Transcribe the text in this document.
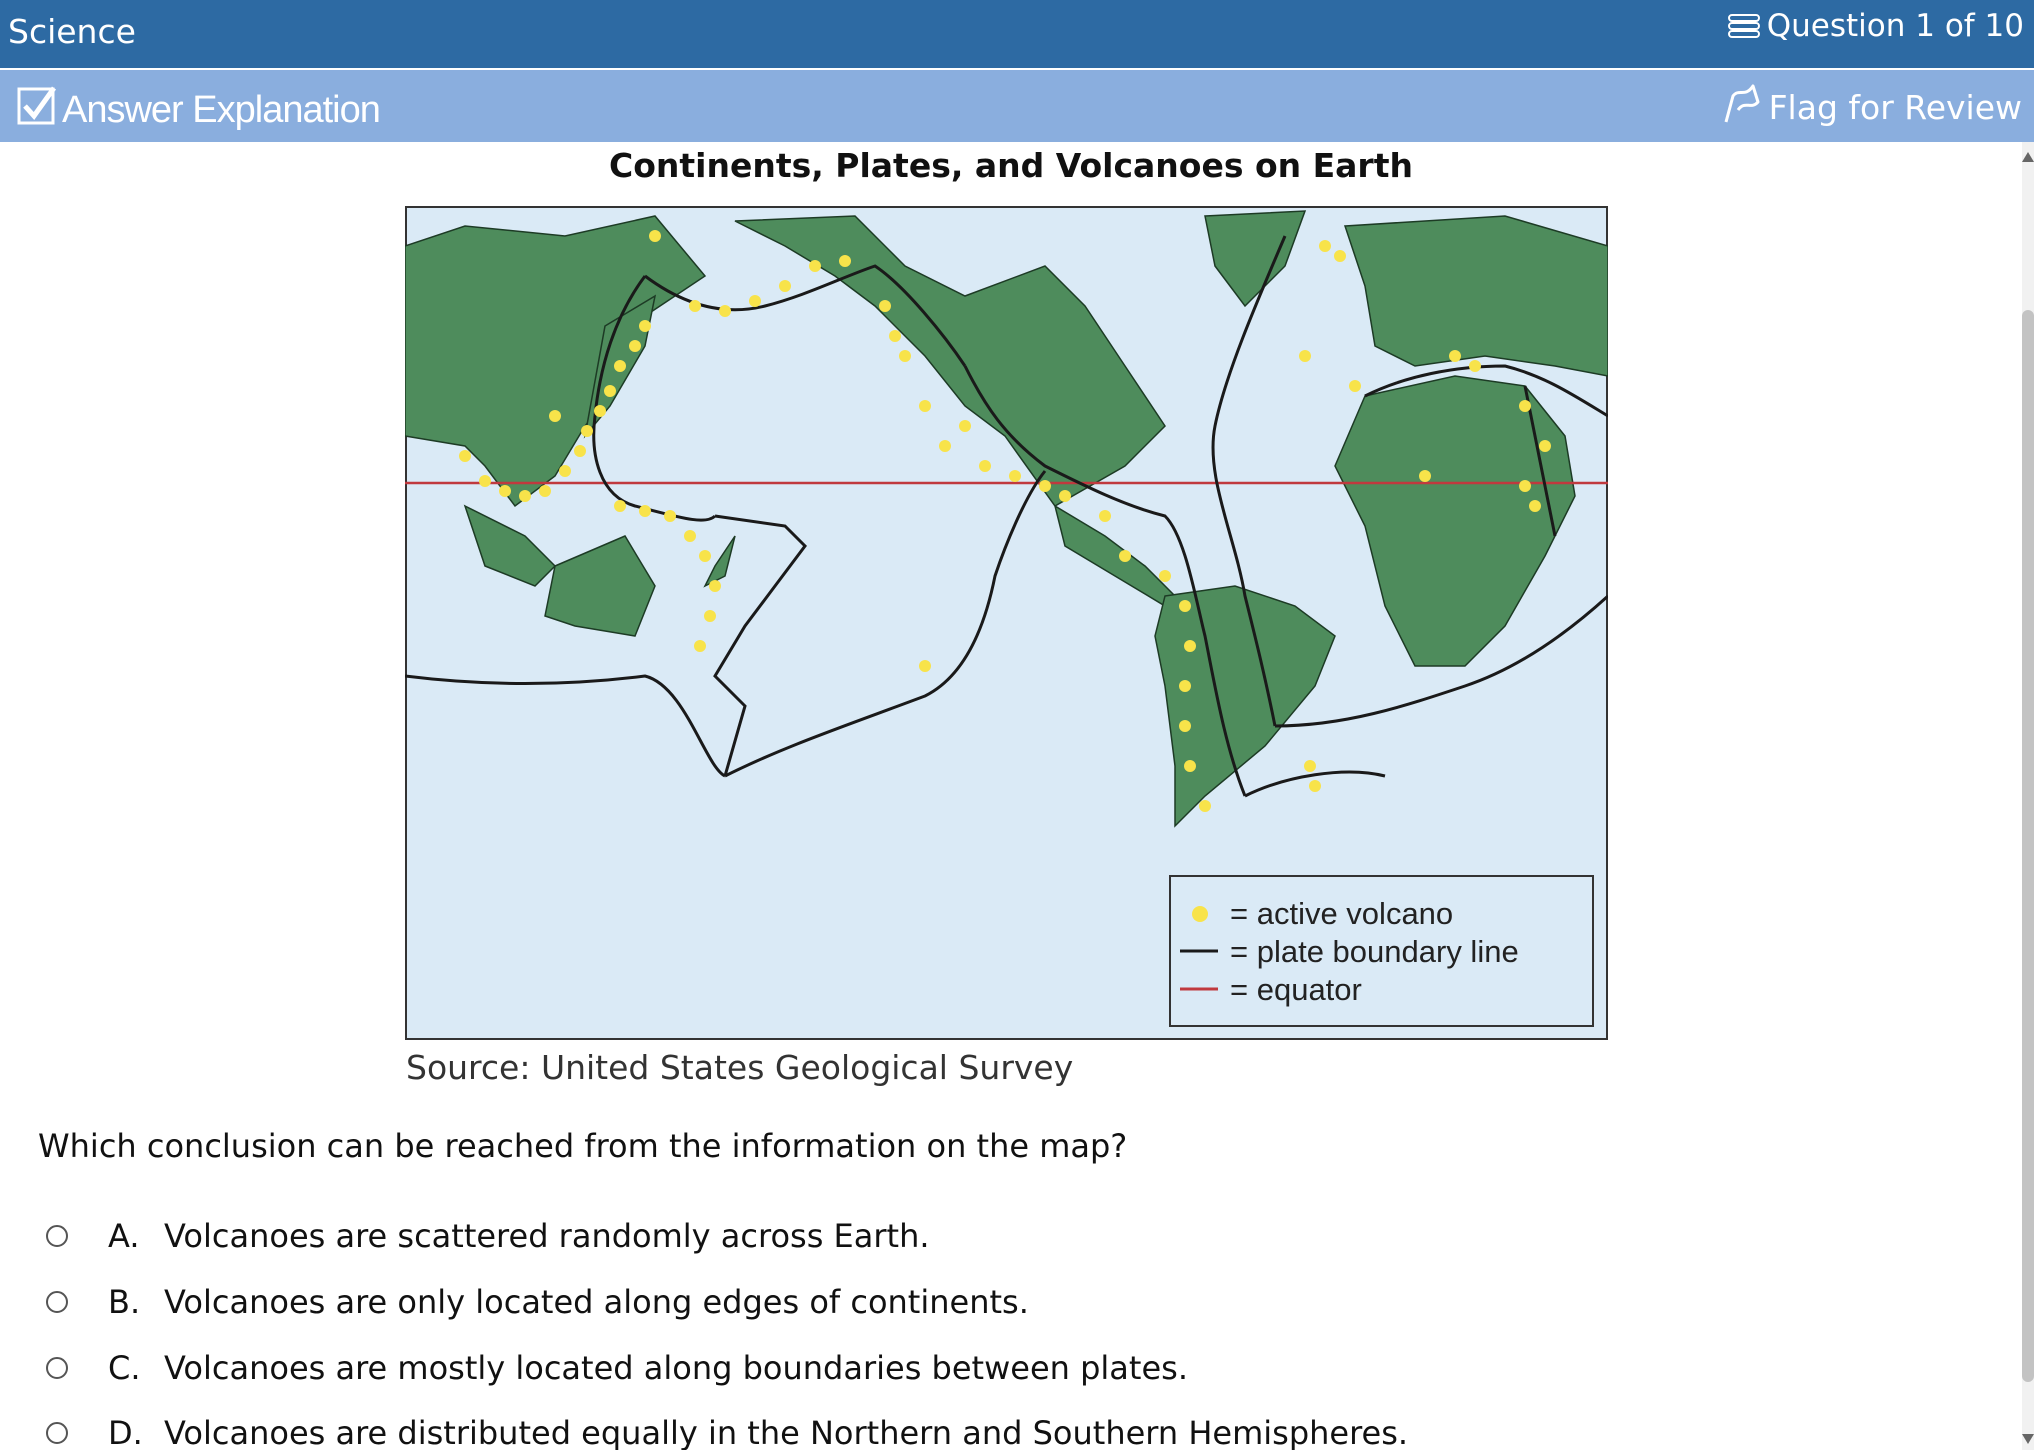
Science	Question 1 of 10
Answer Explanation	Flag for Review
Continents, Plates, and Volcanoes on Earth
= active volcano
= plate boundary line
= equator
Source: United States Geological Survey
Which conclusion can be reached from the information on the map?
A. Volcanoes are scattered randomly across Earth.
B. Volcanoes are only located along edges of continents.
C. Volcanoes are mostly located along boundaries between plates.
D. Volcanoes are distributed equally in the Northern and Southern Hemispheres.
